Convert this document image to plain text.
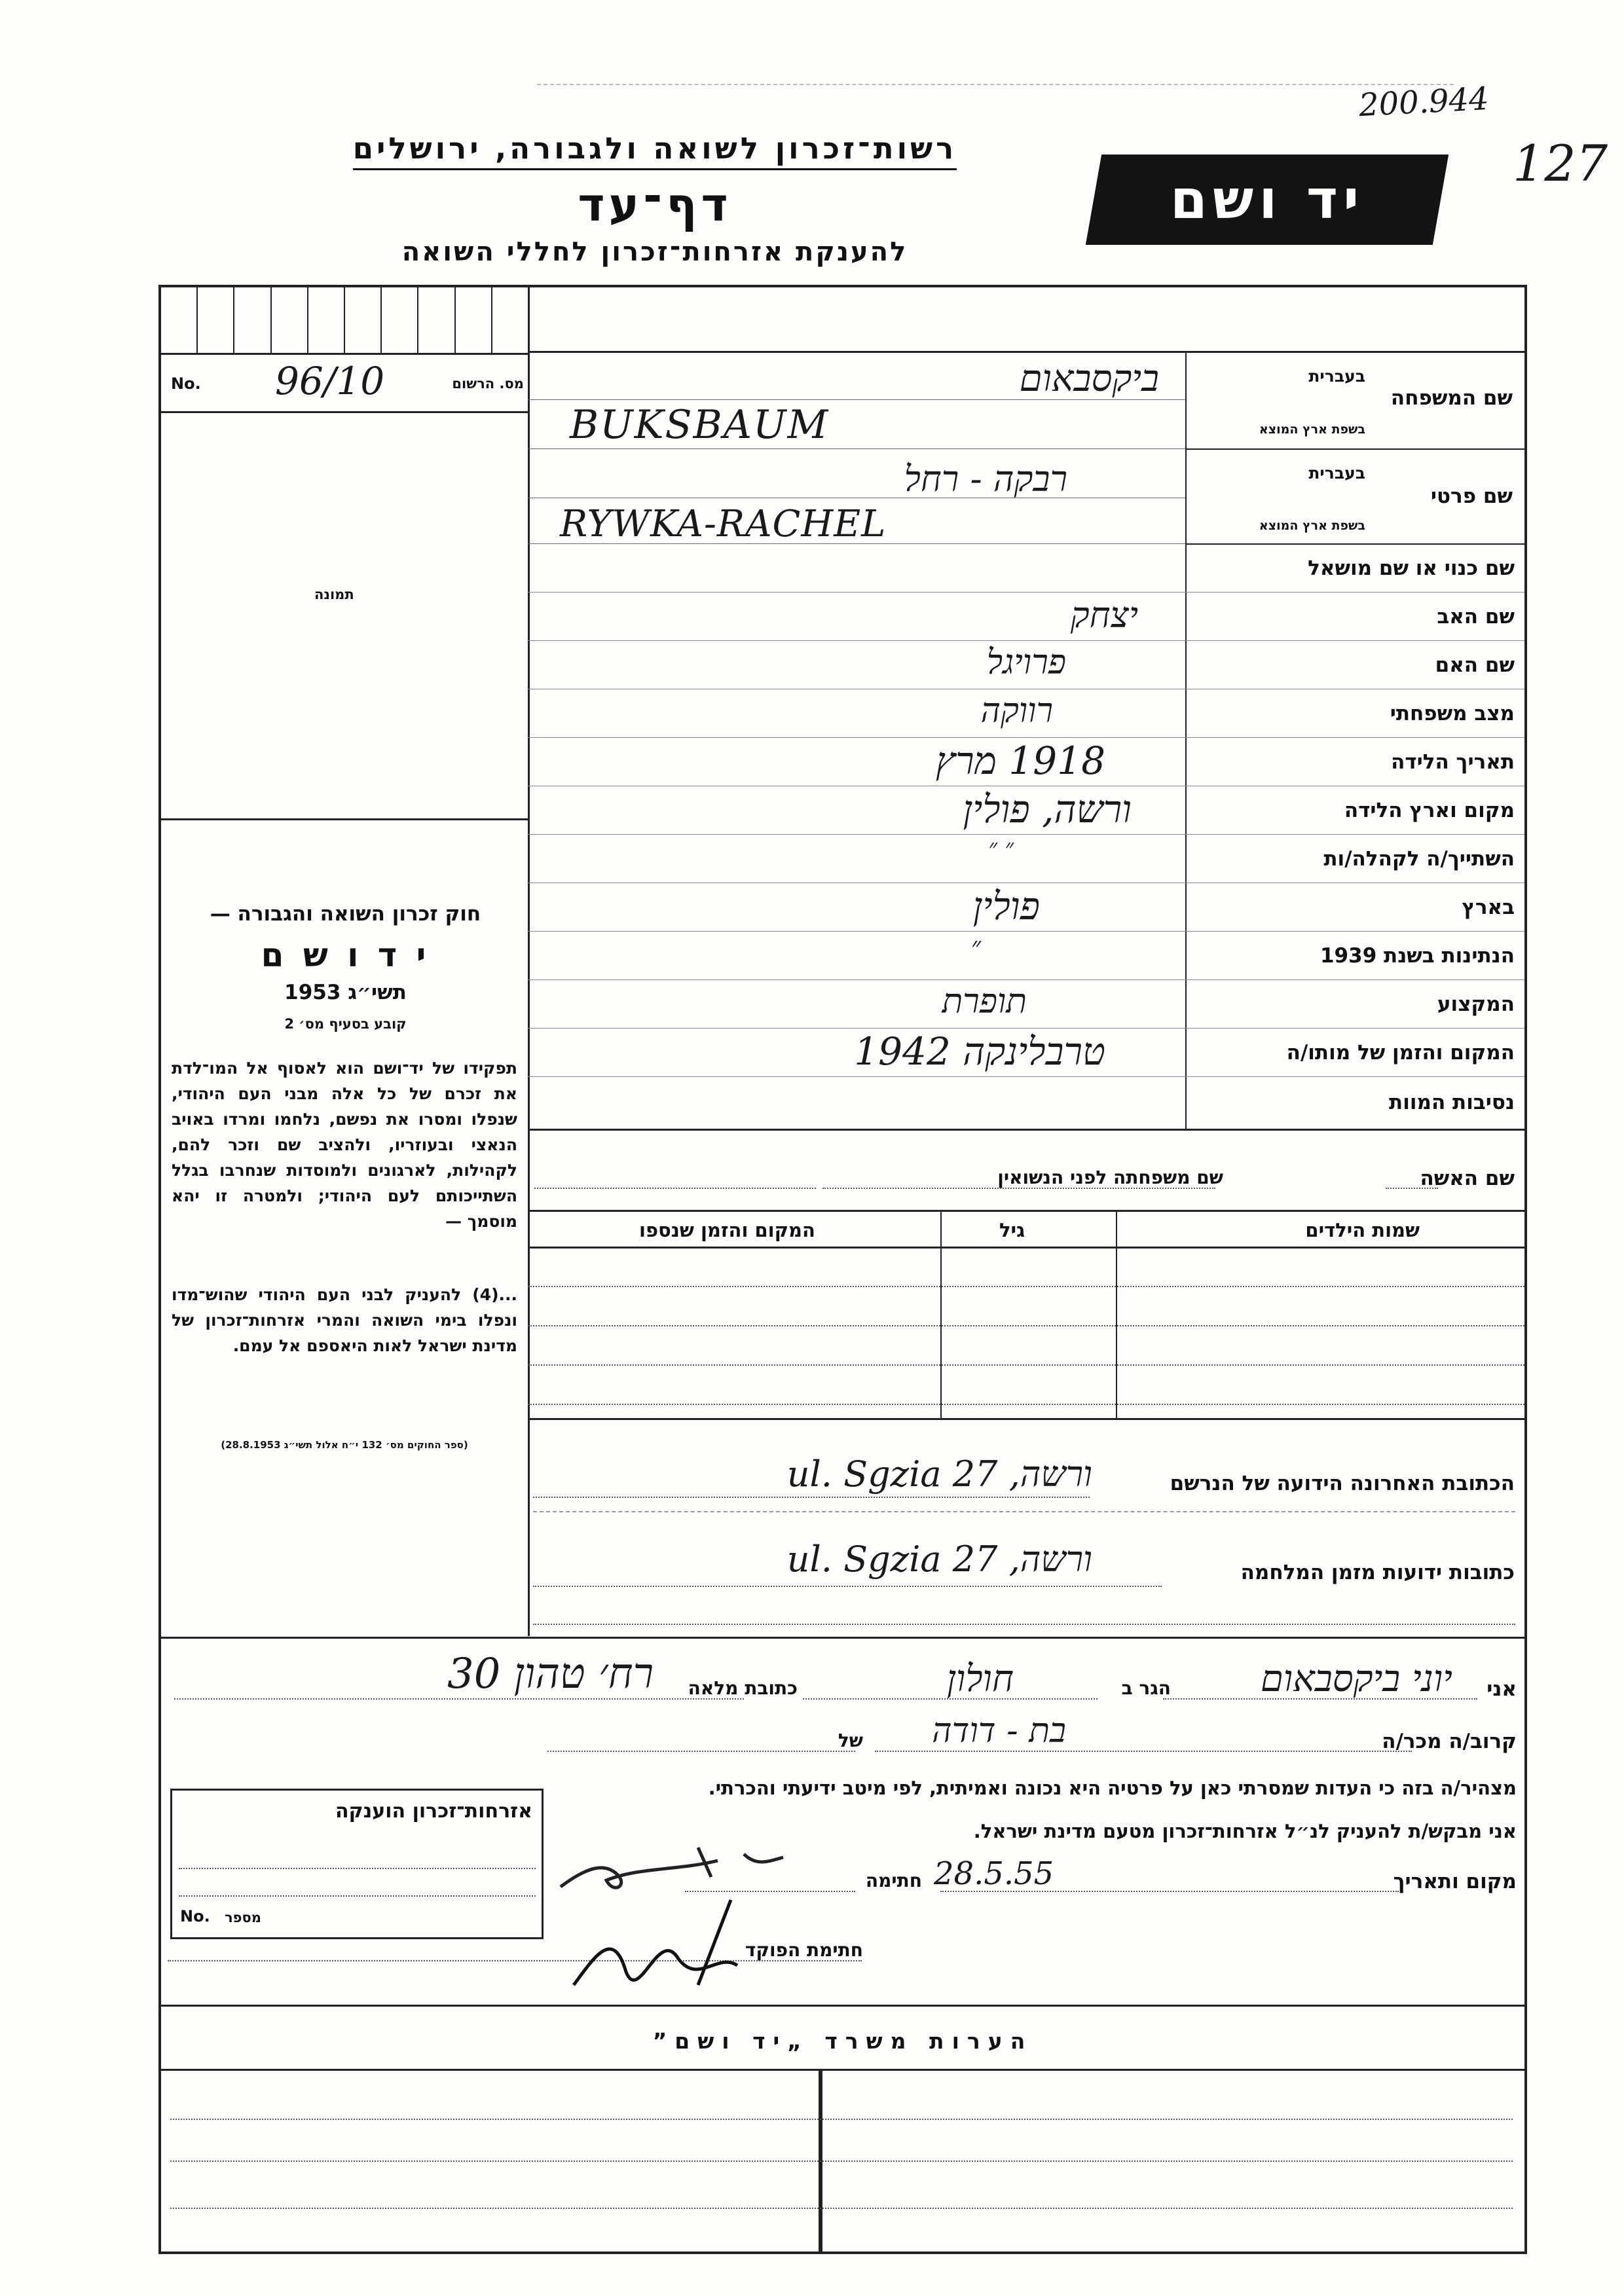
200.944
127
רשות־זכרון לשואה ולגבורה, ירושלים
דף־עד
להענקת אזרחות־זכרון לחללי השואה
יד ושם
No.	מס. הרשום
96/10
תמונה
חוק זכרון השואה והגבורה —
י ד ו ש ם
תשי״ג 1953
קובע בסעיף מס׳ 2
תפקידו של יד־ושם הוא לאסוף אל המו־לדת את זכרם של כל אלה מבני העם היהודי, שנפלו ומסרו את נפשם, נלחמו ומרדו באויב הנאצי ובעוזריו, ולהציב שם וזכר להם, לקהילות, לארגונים ולמוסדות שנחרבו בגלל השתייכותם לעם היהודי; ולמטרה זו יהא מוסמך —
...(4) להעניק לבני העם היהודי שהוש־מדו ונפלו בימי השואה והמרי אזרחות־זכרון של מדינת ישראל לאות היאספם אל עמם.
(ספר החוקים מס׳ 132 י״ח אלול תשי״ג 28.8.1953)
שם המשפחה
בעברית
בשפת ארץ המוצא
שם פרטי
בעברית
בשפת ארץ המוצא
ביקסבאום
BUKSBAUM
רבקה - רחל
RYWKA-RACHEL
שם כנוי או שם מושאל
שם האב
יצחק
שם האם
פרויגל
מצב משפחתי
רווקה
תאריך הלידה
1918 מרץ
מקום וארץ הלידה
ורשה, פולין
השתייך/ה לקהלה/ות
״ ״
בארץ
פולין
הנתינות בשנת 1939
״
המקצוע
תופרת
המקום והזמן של מותו/ה
טרבלינקה 1942
נסיבות המוות
שם האשה
שם משפחתה לפני הנשואין
שמות הילדים
גיל
המקום והזמן שנספו
הכתובת האחרונה הידועה של הנרשם
ורשה, ul. Sgzia 27
כתובות ידועות מזמן המלחמה
ורשה, ul. Sgzia 27
אני
יוני ביקסבאום
הגר ב
חולון
כתובת מלאה
רח׳ טהון 30
קרוב/ה מכר/ה
בת - דודה
של
מצהיר/ה בזה כי העדות שמסרתי כאן על פרטיה היא נכונה ואמיתית, לפי מיטב ידיעתי והכרתי.
אני מבקש/ת להעניק לנ״ל אזרחות־זכרון מטעם מדינת ישראל.
מקום ותאריך
28.5.55
חתימה
חתימת הפוקד
אזרחות־זכרון הוענקה
No. מספר
הערות משרד „יד ושם”
